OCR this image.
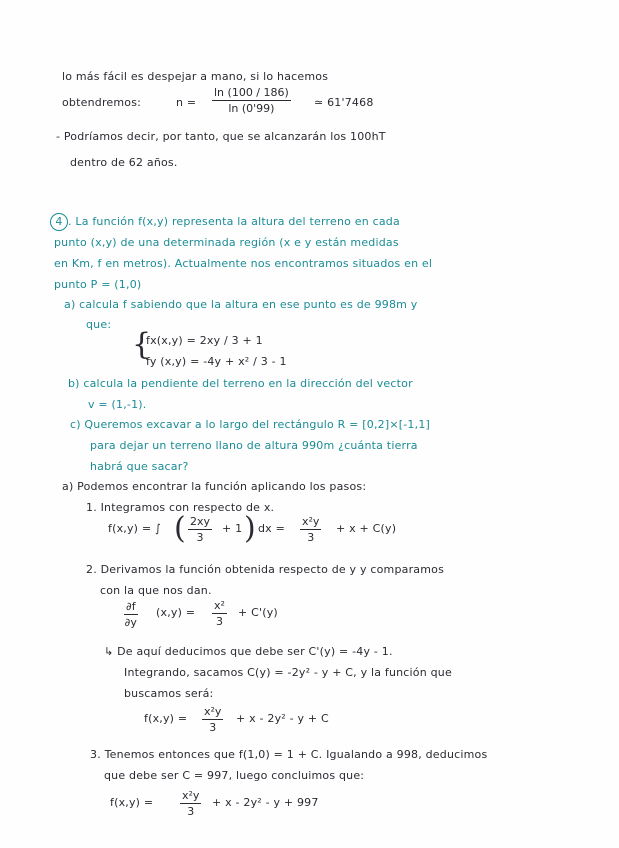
lo más fácil es despejar a mano, si lo hacemos
obtendremos:	$n = \frac{\ln (100 / 186)}{\ln (0'99)}$ ≃ 61'7468
- Podríamos decir, por tanto, que se alcanzarán los 100hT
dentro de 62 años.
4 . La función f(x,y) representa la altura del terreno en cada
punto (x,y) de una determinada región (x e y están medidas
en Km, f en metros). Actualmente nos encontramos situados en el
punto P = (1,0)
a) calcula f sabiendo que la altura en ese punto es de 998m y
que:
{
fx(x,y) = 2xy / 3 + 1
fy (x,y) = -4y + x² / 3 - 1
b) calcula la pendiente del terreno en la dirección del vector
v = (1,-1).
c) Queremos excavar a lo largo del rectángulo R = [0,2]×[-1,1]
para dejar un terreno llano de altura 990m ¿cuánta tierra
habrá que sacar?
a) Podemos encontrar la función aplicando los pasos:
1. Integramos con respecto de x.
f(x,y) = ∫ ( $\frac{2xy}{3} + 1$ ) dx = $\frac{\text{x²y}}{3} + x + C(y)$
2. Derivamos la función obtenida respecto de y y comparamos
con la que nos dan.
$\frac{\partial f}{\partial y} (x,y) = \frac{\text{x²}}{3} + C'(y)$
↳ De aquí deducimos que debe ser C'(y) = -4y - 1.
Integrando, sacamos C(y) = -2y² - y + C, y la función que
buscamos será:
$f(x,y) = \frac{\text{x²y}}{3} + x - 2y^2 - y + C$
3. Tenemos entonces que f(1,0) = 1 + C. Igualando a 998, deducimos
que debe ser C = 997, luego concluimos que:
$f(x,y) = \frac{\text{x²y}}{3} + x - 2y^2 - y + 997$
